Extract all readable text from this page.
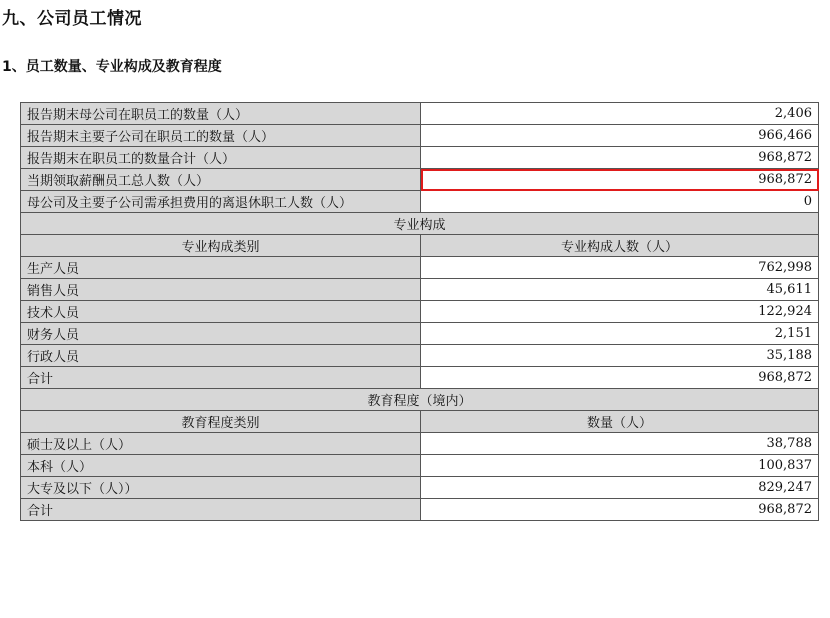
九、公司员工情况
1、员工数量、专业构成及教育程度
报告期末母公司在职员工的数量（人）	2,406
报告期末主要子公司在职员工的数量（人）	966,466
报告期末在职员工的数量合计（人）	968,872
当期领取薪酬员工总人数（人）	968,872
母公司及主要子公司需承担费用的离退休职工人数（人）	0
专业构成	
专业构成类别	专业构成人数（人）
生产人员	762,998
销售人员	45,611
技术人员	122,924
财务人员	2,151
行政人员	35,188
合计	968,872
教育程度（境内）	
教育程度类别	数量（人）
硕士及以上（人）	38,788
本科（人）	100,837
大专及以下（人））	829,247
合计	968,872
